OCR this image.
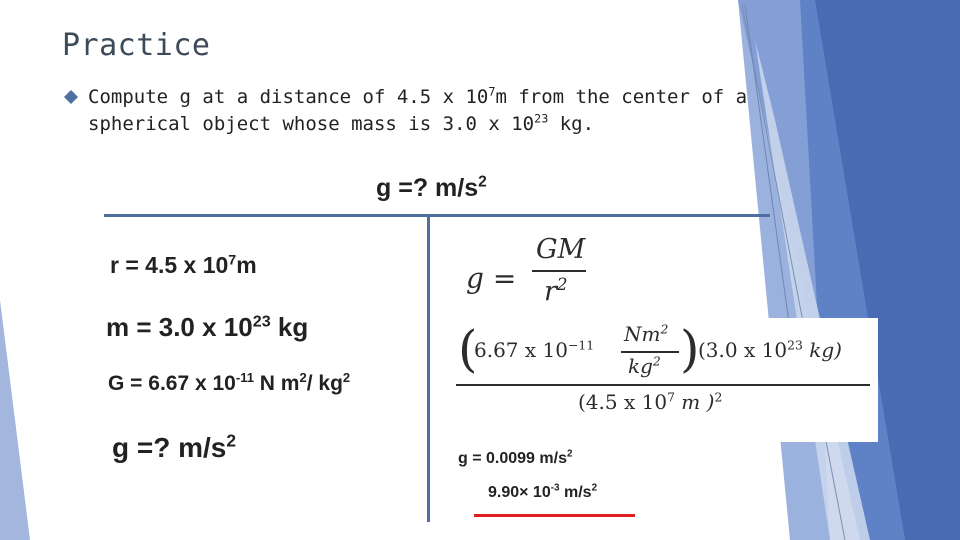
Practice
Compute g at a distance of 4.5 x $10^7m$ from the center of a
spherical object whose mass is 3.0 x $10^{23}$ kg.
g =? $m/s^2$
r = 4.5 x $10^7m$
m = 3.0 x $10^{23}$ kg
G = 6.67 x $10^{-11}$ N $m^2/$ $kg^2$
g =? $m/s^2$
g =
GM
$r^2$
(
6.67 x $10^{-11}$ Nm$^2$
$kg^2$ )
(3.0 x $10^{23}$ kg)
(4.5 x $10^7$ m )$^2$
g = 0.0099 $m/s^2$
$9.90\times 10^{-3}$ $m/s^2$
